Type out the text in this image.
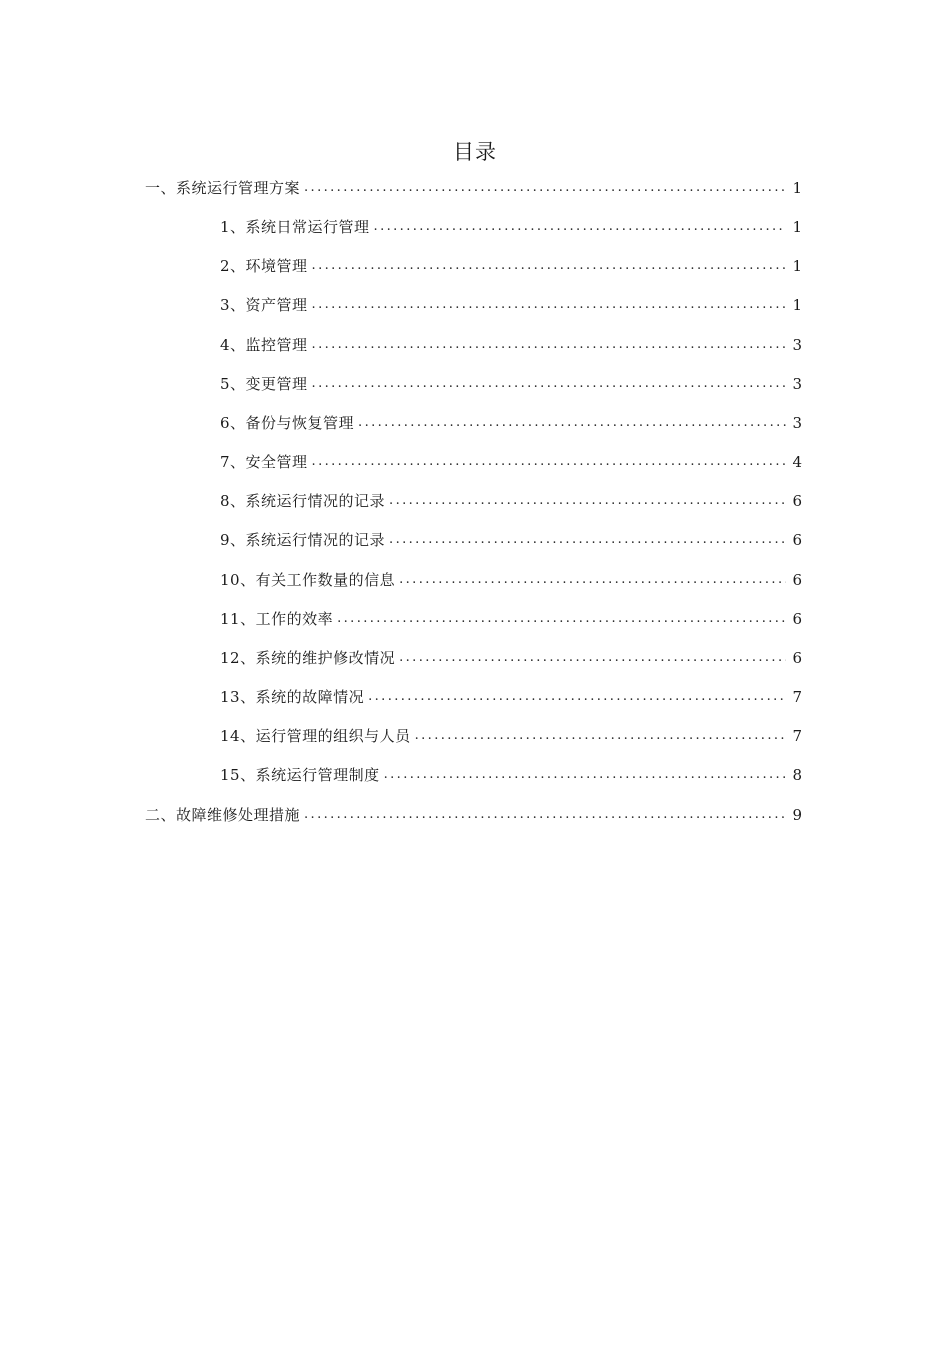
目录
一、系统运行管理方案 .....	1
1、系统日常运行管理 .....	1
2、环境管理 .....	1
3、资产管理 .....	1
4、监控管理 .....	3
5、变更管理 .....	3
6、备份与恢复管理 .....	3
7、安全管理 .....	4
8、系统运行情况的记录 .....	6
9、系统运行情况的记录 .....	6
10、有关工作数量的信息 .....	6
11、工作的效率 .....	6
12、系统的维护修改情况 .....	6
13、系统的故障情况 .....	7
14、运行管理的组织与人员 .....	7
15、系统运行管理制度 .....	8
二、故障维修处理措施 .....	9
